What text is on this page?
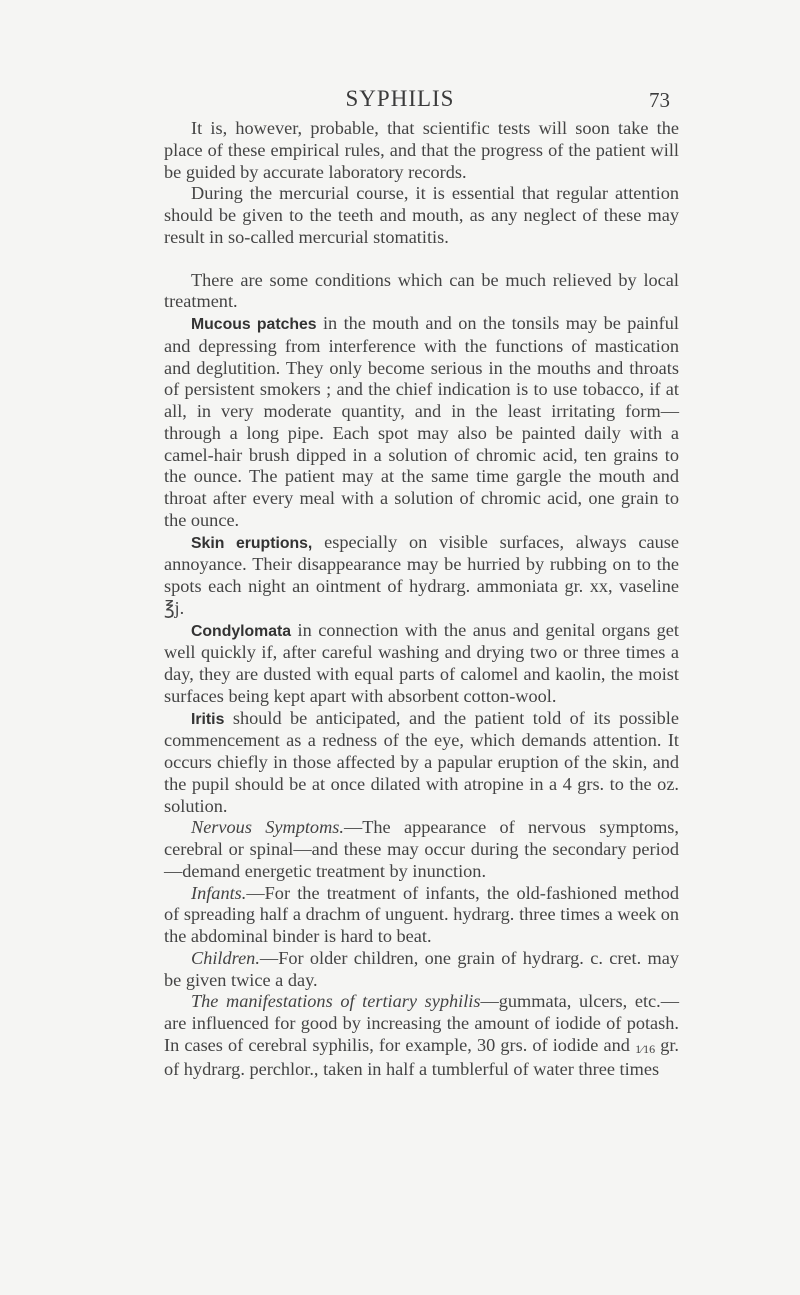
SYPHILIS	73

It is, however, probable, that scientific tests will soon take the place of these empirical rules, and that the progress of the patient will be guided by accurate laboratory records.

During the mercurial course, it is essential that regular attention should be given to the teeth and mouth, as any neglect of these may result in so-called mercurial stomatitis.

There are some conditions which can be much relieved by local treatment.

Mucous patches in the mouth and on the tonsils may be painful and depressing from interference with the functions of mastication and deglutition. They only become serious in the mouths and throats of persistent smokers ; and the chief indication is to use tobacco, if at all, in very moderate quantity, and in the least irritating form—through a long pipe. Each spot may also be painted daily with a camel-hair brush dipped in a solution of chromic acid, ten grains to the ounce. The patient may at the same time gargle the mouth and throat after every meal with a solution of chromic acid, one grain to the ounce.

Skin eruptions, especially on visible surfaces, always cause annoyance. Their disappearance may be hurried by rubbing on to the spots each night an ointment of hydrarg. ammoniata gr. xx, vaseline ℥j.

Condylomata in connection with the anus and genital organs get well quickly if, after careful washing and drying two or three times a day, they are dusted with equal parts of calomel and kaolin, the moist surfaces being kept apart with absorbent cotton-wool.

Iritis should be anticipated, and the patient told of its possible commencement as a redness of the eye, which demands attention. It occurs chiefly in those affected by a papular eruption of the skin, and the pupil should be at once dilated with atropine in a 4 grs. to the oz. solution.

Nervous Symptoms.—The appearance of nervous symptoms, cerebral or spinal—and these may occur during the secondary period —demand energetic treatment by inunction.

Infants.—For the treatment of infants, the old-fashioned method of spreading half a drachm of unguent. hydrarg. three times a week on the abdominal binder is hard to beat.

Children.—For older children, one grain of hydrarg. c. cret. may be given twice a day.

The manifestations of tertiary syphilis—gummata, ulcers, etc.— are influenced for good by increasing the amount of iodide of potash. In cases of cerebral syphilis, for example, 30 grs. of iodide and 1⁄16 gr. of hydrarg. perchlor., taken in half a tumblerful of water three times
